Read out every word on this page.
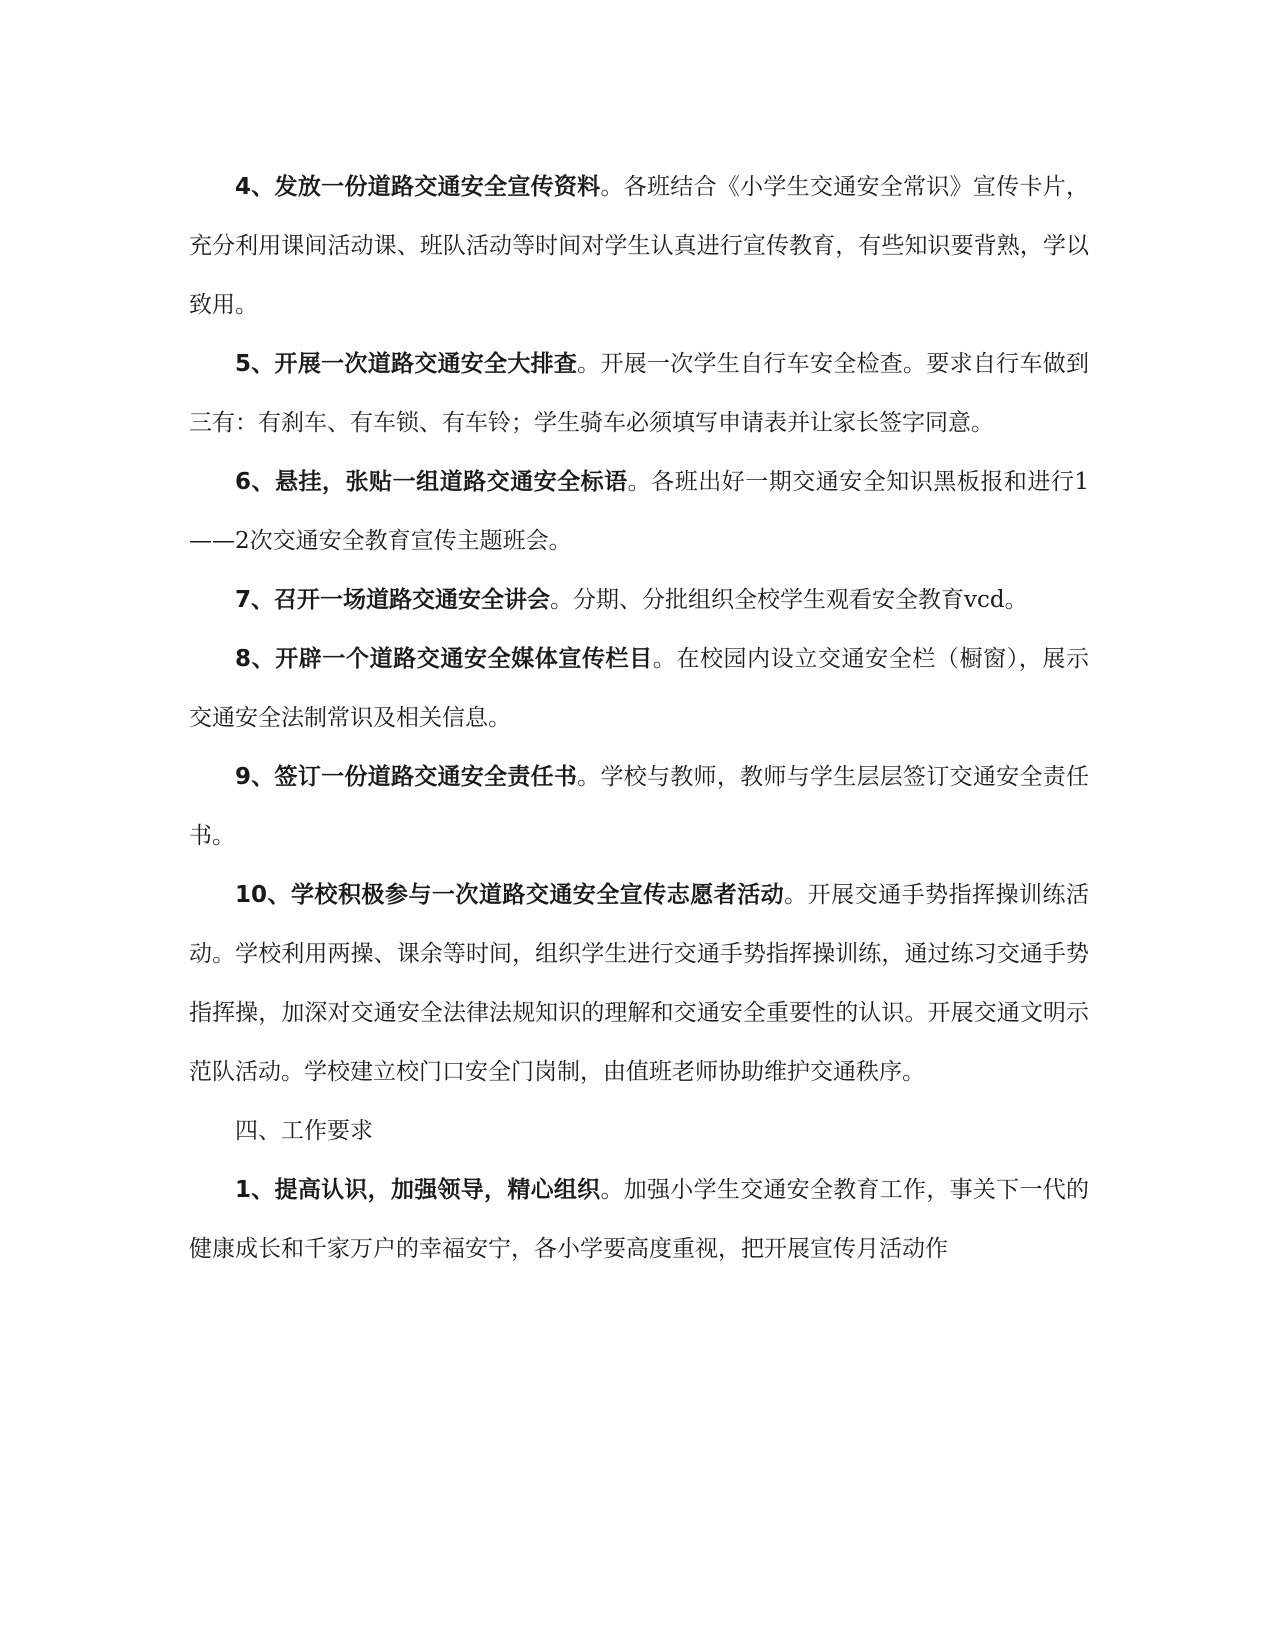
4、发放一份道路交通安全宣传资料。各班结合《小学生交通安全常识》宣传卡片，充分利用课间活动课、班队活动等时间对学生认真进行宣传教育，有些知识要背熟，学以致用。

5、开展一次道路交通安全大排查。开展一次学生自行车安全检查。要求自行车做到三有：有刹车、有车锁、有车铃；学生骑车必须填写申请表并让家长签字同意。

6、悬挂，张贴一组道路交通安全标语。各班出好一期交通安全知识黑板报和进行1——2次交通安全教育宣传主题班会。

7、召开一场道路交通安全讲会。分期、分批组织全校学生观看安全教育vcd。

8、开辟一个道路交通安全媒体宣传栏目。在校园内设立交通安全栏（橱窗），展示交通安全法制常识及相关信息。

9、签订一份道路交通安全责任书。学校与教师，教师与学生层层签订交通安全责任书。

10、学校积极参与一次道路交通安全宣传志愿者活动。开展交通手势指挥操训练活动。学校利用两操、课余等时间，组织学生进行交通手势指挥操训练，通过练习交通手势指挥操，加深对交通安全法律法规知识的理解和交通安全重要性的认识。开展交通文明示范队活动。学校建立校门口安全门岗制，由值班老师协助维护交通秩序。

四、工作要求

1、提高认识，加强领导，精心组织。加强小学生交通安全教育工作，事关下一代的健康成长和千家万户的幸福安宁，各小学要高度重视，把开展宣传月活动作
